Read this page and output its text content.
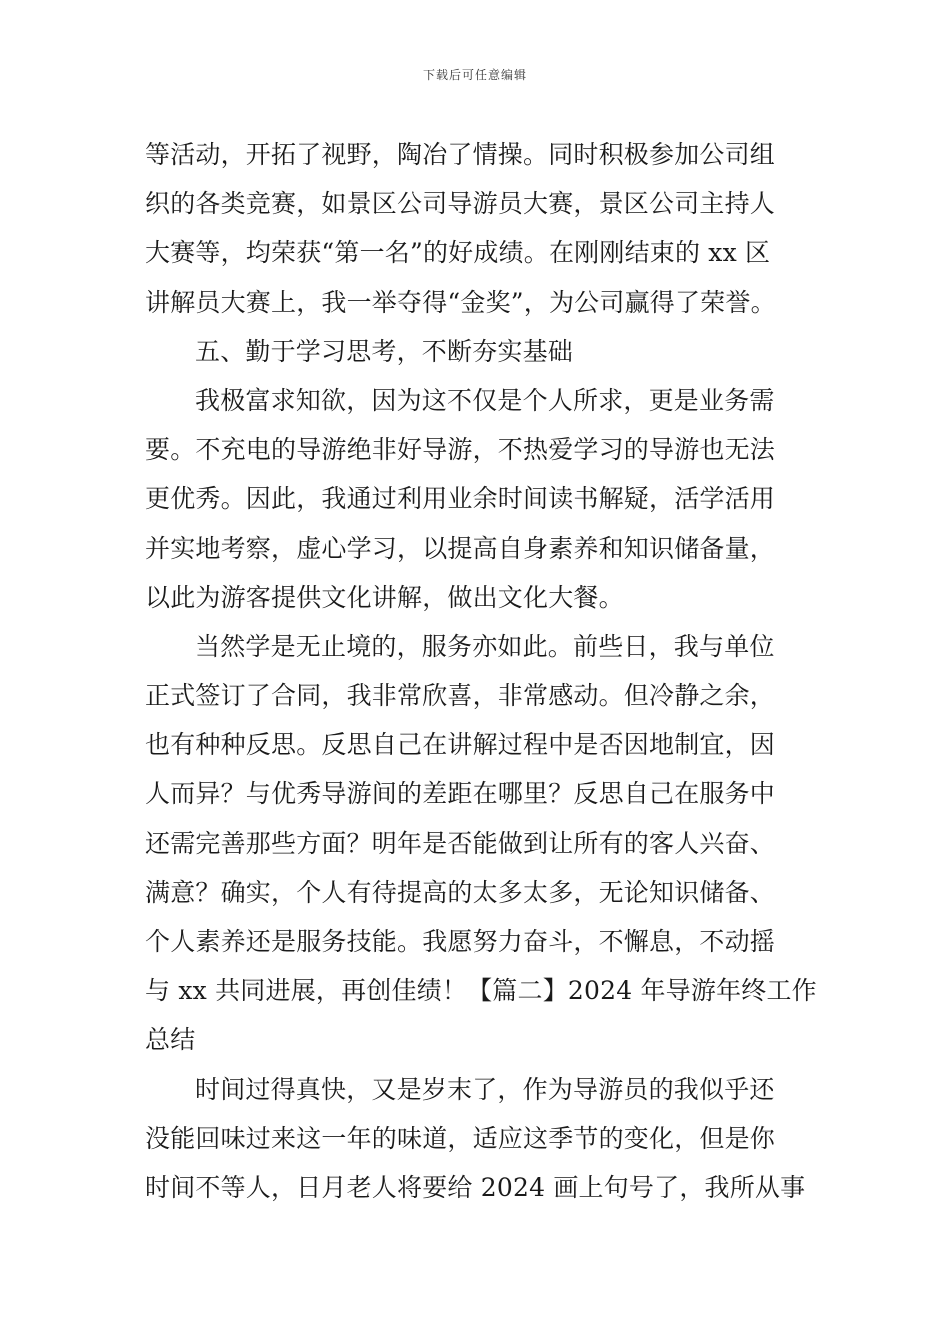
下载后可任意编辑
等活动，开拓了视野，陶冶了情操。同时积极参加公司组
织的各类竞赛，如景区公司导游员大赛，景区公司主持人
大赛等，均荣获“第一名”的好成绩。在刚刚结束的 xx 区
讲解员大赛上，我一举夺得“金奖”，为公司赢得了荣誉。
五、勤于学习思考，不断夯实基础
我极富求知欲，因为这不仅是个人所求，更是业务需
要。不充电的导游绝非好导游，不热爱学习的导游也无法
更优秀。因此，我通过利用业余时间读书解疑，活学活用
并实地考察，虚心学习，以提高自身素养和知识储备量，
以此为游客提供文化讲解，做出文化大餐。
当然学是无止境的，服务亦如此。前些日，我与单位
正式签订了合同，我非常欣喜，非常感动。但冷静之余，
也有种种反思。反思自己在讲解过程中是否因地制宜，因
人而异？与优秀导游间的差距在哪里？反思自己在服务中
还需完善那些方面？明年是否能做到让所有的客人兴奋、
满意？确实，个人有待提高的太多太多，无论知识储备、
个人素养还是服务技能。我愿努力奋斗，不懈息，不动摇
与 xx 共同进展，再创佳绩！【篇二】2024 年导游年终工作
总结
时间过得真快，又是岁末了，作为导游员的我似乎还
没能回味过来这一年的味道，适应这季节的变化，但是你
时间不等人，日月老人将要给 2024 画上句号了，我所从事
